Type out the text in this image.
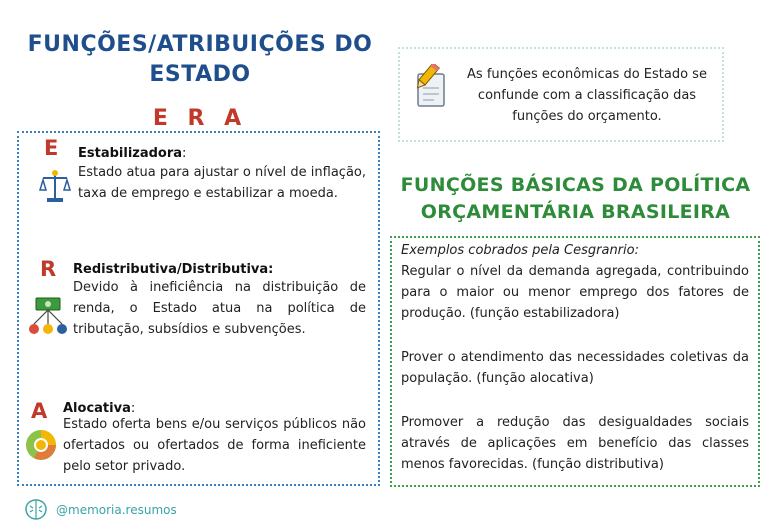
FUNÇÕES/ATRIBUIÇÕES DO
ESTADO
E R A
E Estabilizadora:
Estado atua para ajustar o nível de inflação, taxa de emprego e estabilizar a moeda.
R Redistributiva/Distributiva:
Devido à ineficiência na distribuição de renda, o Estado atua na política de tributação, subsídios e subvenções.
A Alocativa:
Estado oferta bens e/ou serviços públicos não ofertados ou ofertados de forma ineficiente pelo setor privado.
As funções econômicas do Estado se confunde com a classificação das funções do orçamento.
FUNÇÕES BÁSICAS DA POLÍTICA
ORÇAMENTÁRIA BRASILEIRA
Exemplos cobrados pela Cesgranrio:
Regular o nível da demanda agregada, contribuindo para o maior ou menor emprego dos fatores de produção. (função estabilizadora)
Prover o atendimento das necessidades coletivas da população. (função alocativa)
Promover a redução das desigualdades sociais através de aplicações em benefício das classes menos favorecidas. (função distributiva)
@memoria.resumos
